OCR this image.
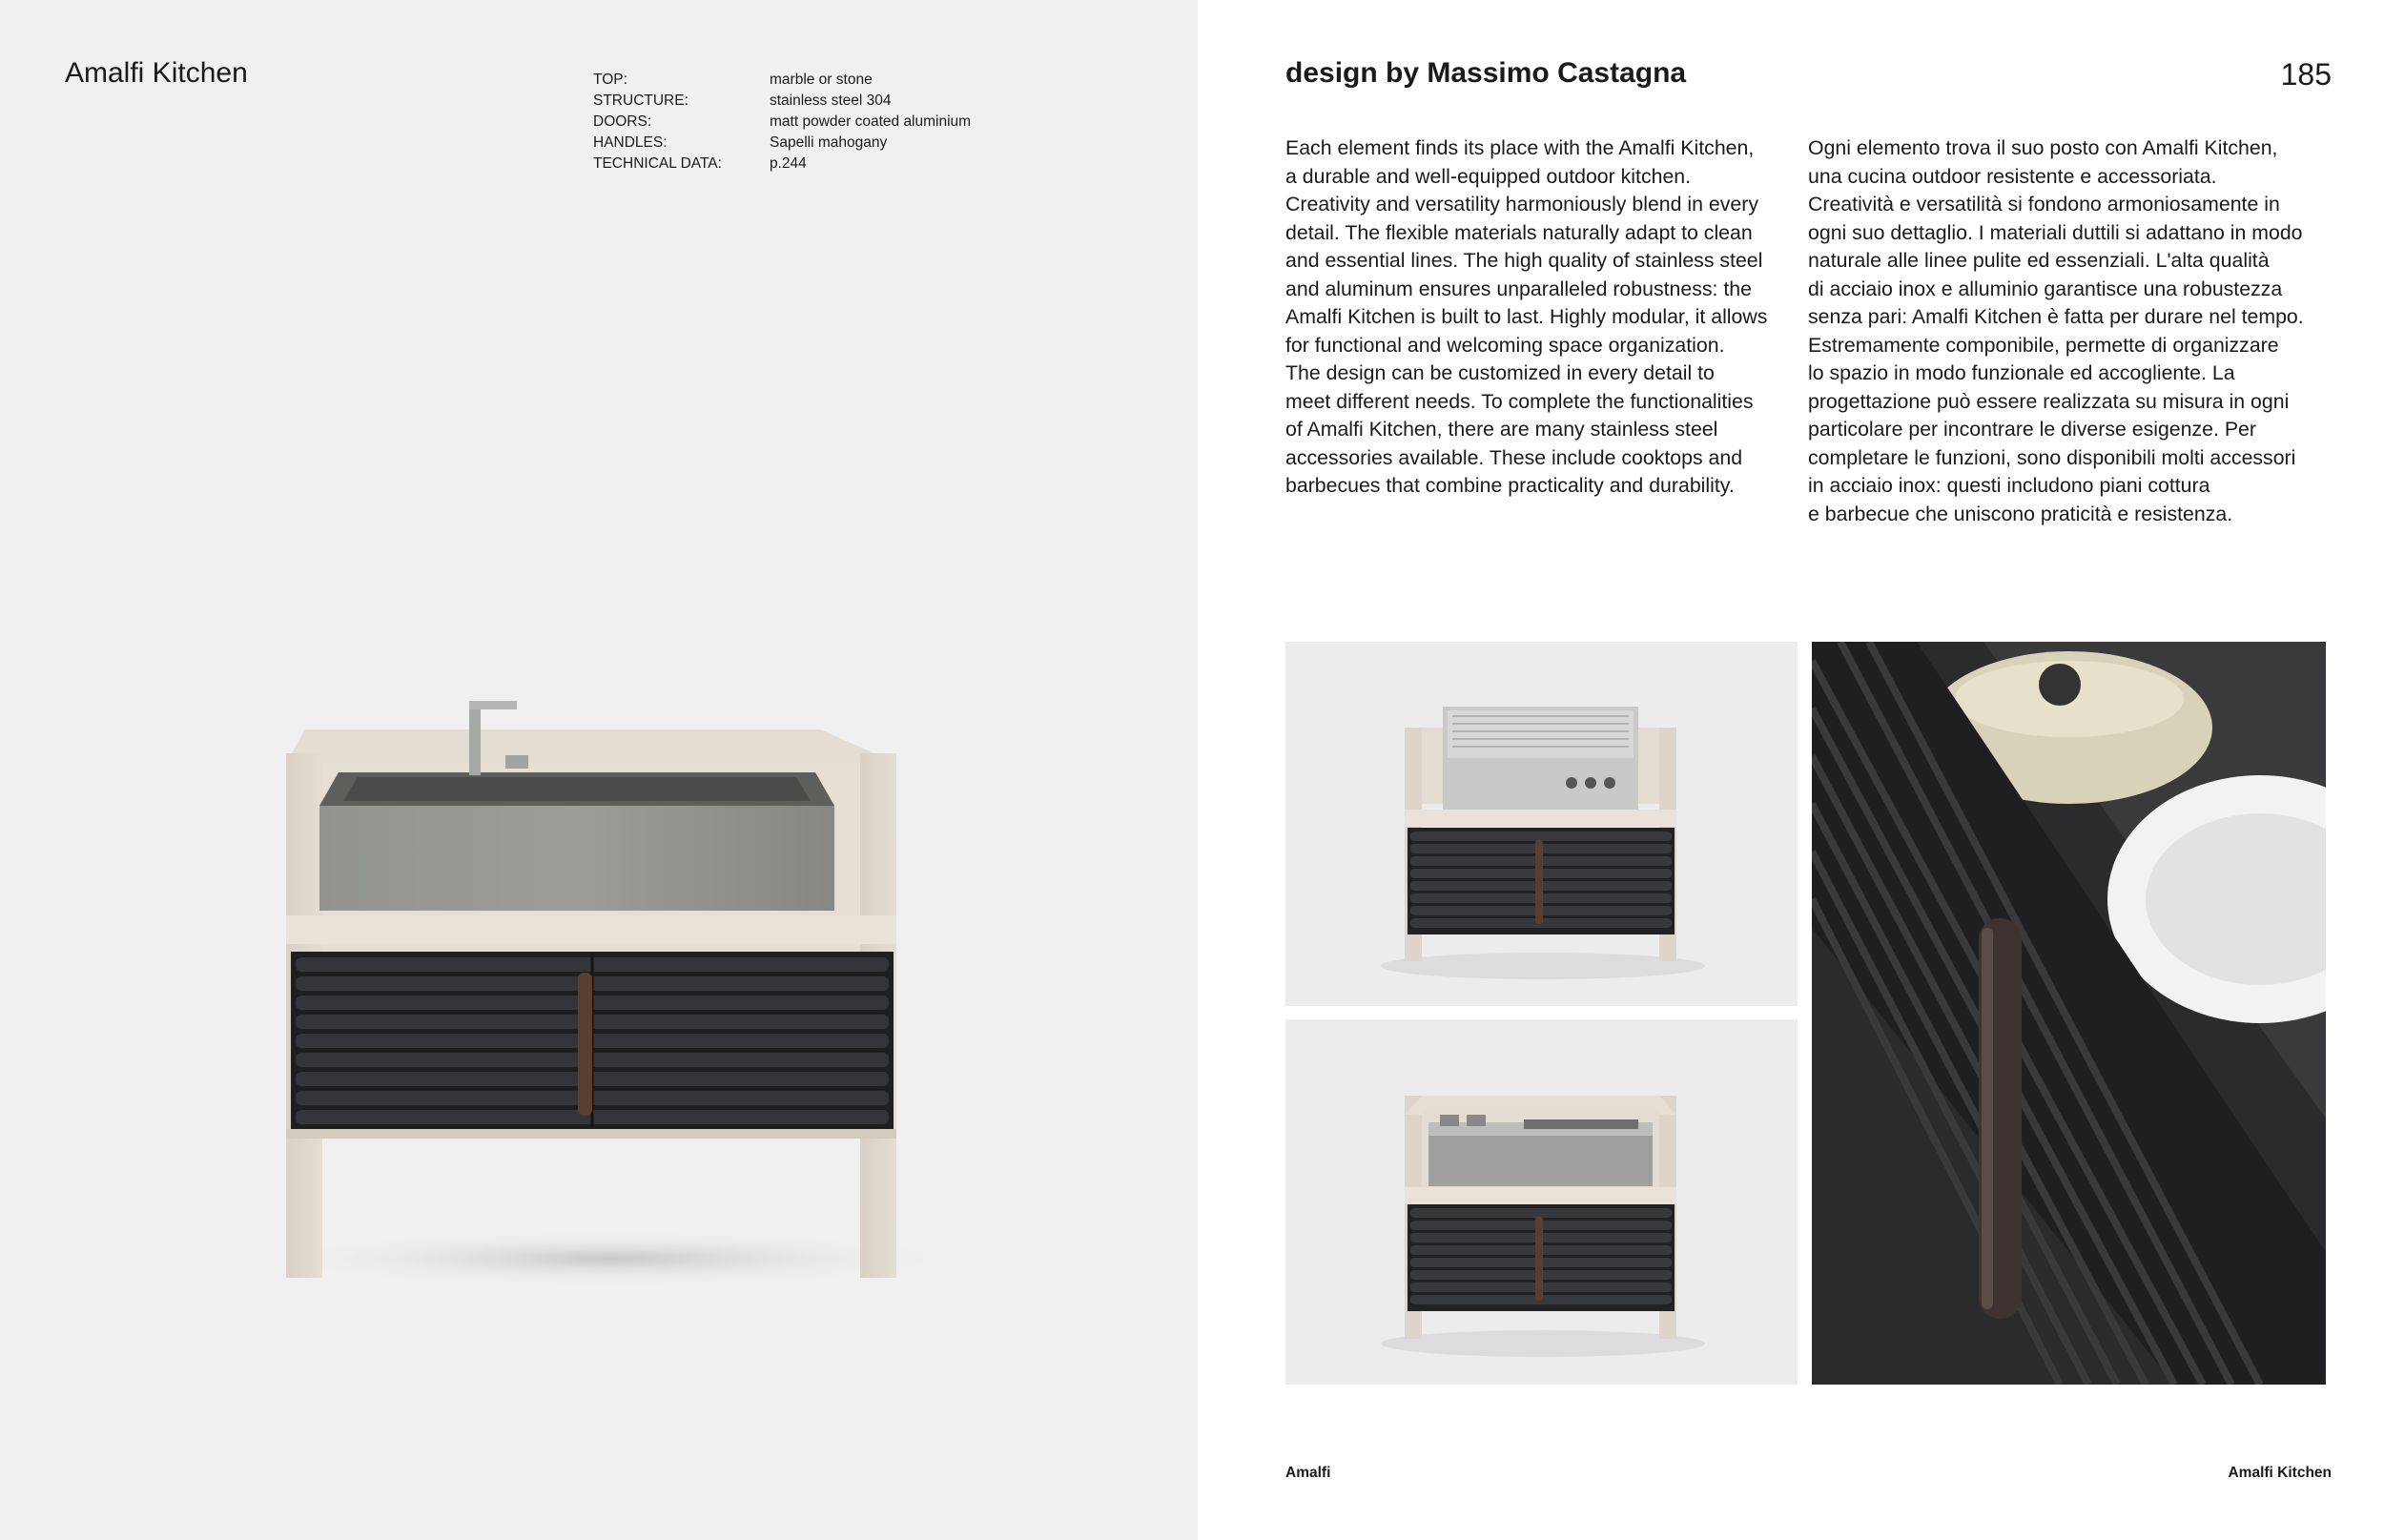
Amalfi Kitchen	TOP:	marble or stone
STRUCTURE:	stainless steel 304
DOORS:	matt powder coated aluminium
HANDLES:	Sapelli mahogany
TECHNICAL DATA:	p.244
design by Massimo Castagna	185

Each element finds its place with the Amalfi Kitchen,
a durable and well-equipped outdoor kitchen.
Creativity and versatility harmoniously blend in every
detail. The flexible materials naturally adapt to clean
and essential lines. The high quality of stainless steel
and aluminum ensures unparalleled robustness: the
Amalfi Kitchen is built to last. Highly modular, it allows
for functional and welcoming space organization.
The design can be customized in every detail to
meet different needs. To complete the functionalities
of Amalfi Kitchen, there are many stainless steel
accessories available. These include cooktops and
barbecues that combine practicality and durability.

Ogni elemento trova il suo posto con Amalfi Kitchen,
una cucina outdoor resistente e accessoriata.
Creatività e versatilità si fondono armoniosamente in
ogni suo dettaglio. I materiali duttili si adattano in modo
naturale alle linee pulite ed essenziali. L'alta qualità
di acciaio inox e alluminio garantisce una robustezza
senza pari: Amalfi Kitchen è fatta per durare nel tempo.
Estremamente componibile, permette di organizzare
lo spazio in modo funzionale ed accogliente. La
progettazione può essere realizzata su misura in ogni
particolare per incontrare le diverse esigenze. Per
completare le funzioni, sono disponibili molti accessori
in acciaio inox: questi includono piani cottura
e barbecue che uniscono praticità e resistenza.

Amalfi	Amalfi Kitchen
